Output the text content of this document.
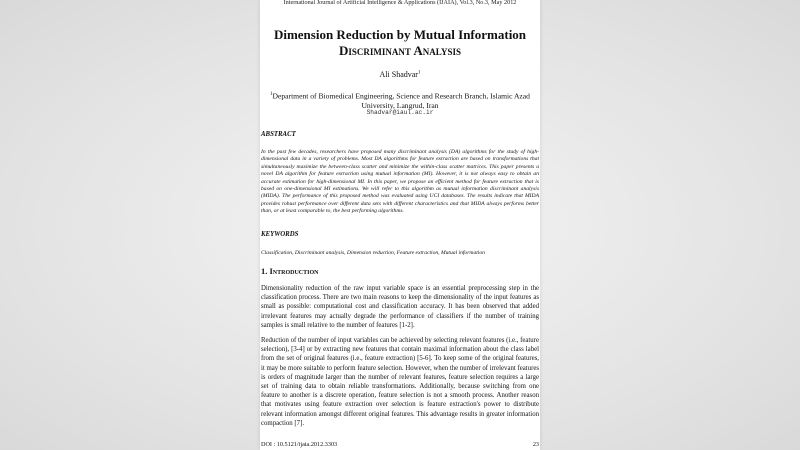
International Journal of Artificial Intelligence & Applications (IJAIA), Vol.3, No.3, May 2012
Dimension Reduction by Mutual Information
Discriminant Analysis
Ali Shadvar$^1$
$^1$Department of Biomedical Engineering, Science and Research Branch, Islamic Azad University, Langrud, Iran
Shadvar@iaul.ac.ir
ABSTRACT
In the past few decades, researchers have proposed many discriminant analysis (DA) algorithms for the study of high-dimensional data in a variety of problems. Most DA algorithms for feature extraction are based on transformations that simultaneously maximize the between-class scatter and minimize the within-class scatter matrices. This paper presents a novel DA algorithm for feature extraction using mutual information (MI). However, it is not always easy to obtain an accurate estimation for high-dimensional MI. In this paper, we propose an efficient method for feature extraction that is based on one-dimensional MI estimations. We will refer to this algorithm as mutual information discriminant analysis (MIDA). The performance of this proposed method was evaluated using UCI databases. The results indicate that MIDA provides robust performance over different data sets with different characteristics and that MIDA always performs better than, or at least comparable to, the best performing algorithms.
KEYWORDS
Classification, Discriminant analysis, Dimension reduction, Feature extraction, Mutual information
1. Introduction
Dimensionality reduction of the raw input variable space is an essential preprocessing step in the classification process. There are two main reasons to keep the dimensionality of the input features as small as possible: computational cost and classification accuracy. It has been observed that added irrelevant features may actually degrade the performance of classifiers if the number of training samples is small relative to the number of features [1-2].
Reduction of the number of input variables can be achieved by selecting relevant features (i.e., feature selection), [3-4] or by extracting new features that contain maximal information about the class label from the set of original features (i.e., feature extraction) [5-6]. To keep some of the original features, it may be more suitable to perform feature selection. However, when the number of irrelevant features is orders of magnitude larger than the number of relevant features, feature selection requires a large set of training data to obtain reliable transformations. Additionally, because switching from one feature to another is a discrete operation, feature selection is not a smooth process. Another reason that motivates using feature extraction over selection is feature extraction's power to distribute relevant information amongst different original features. This advantage results in greater information compaction [7].
DOI : 10.5121/ijaia.2012.3303	23
